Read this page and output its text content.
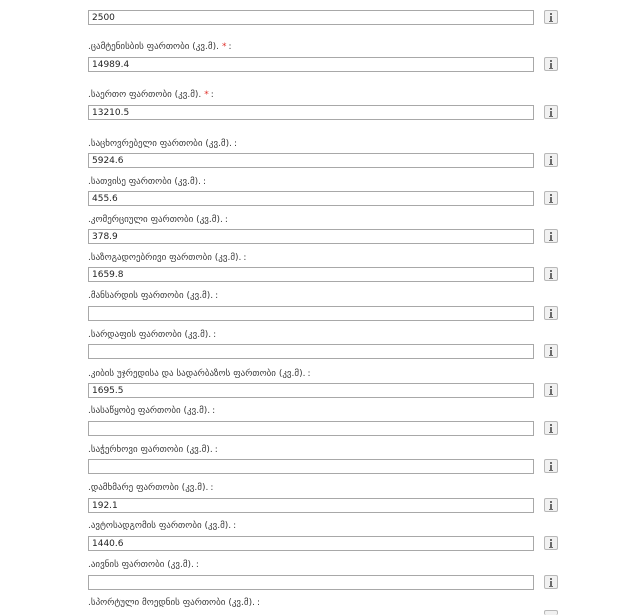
2500
.ცამტენისბის ფართობი (კვ.მ). * :
14989.4
.საერთო ფართობი (კვ.მ). * :
13210.5
.საცხოვრებელი ფართობი (კვ.მ). :
5924.6
.სათვისე ფართობი (კვ.მ). :
455.6
.კომერციული ფართობი (კვ.მ). :
378.9
.საზოგადოებრივი ფართობი (კვ.მ). :
1659.8
.მანსარდის ფართობი (კვ.მ). :
.სარდაფის ფართობი (კვ.მ). :
.კიბის უჯრედისა და სადარბაზოს ფართობი (კვ.მ). :
1695.5
.სასაწყობე ფართობი (კვ.მ). :
.საჭერხოვი ფართობი (კვ.მ). :
.დამხმარე ფართობი (კვ.მ). :
192.1
.ავტოსადგომის ფართობი (კვ.მ). :
1440.6
.აივნის ფართობი (კვ.მ). :
.სპორტული მოედნის ფართობი (კვ.მ). :
